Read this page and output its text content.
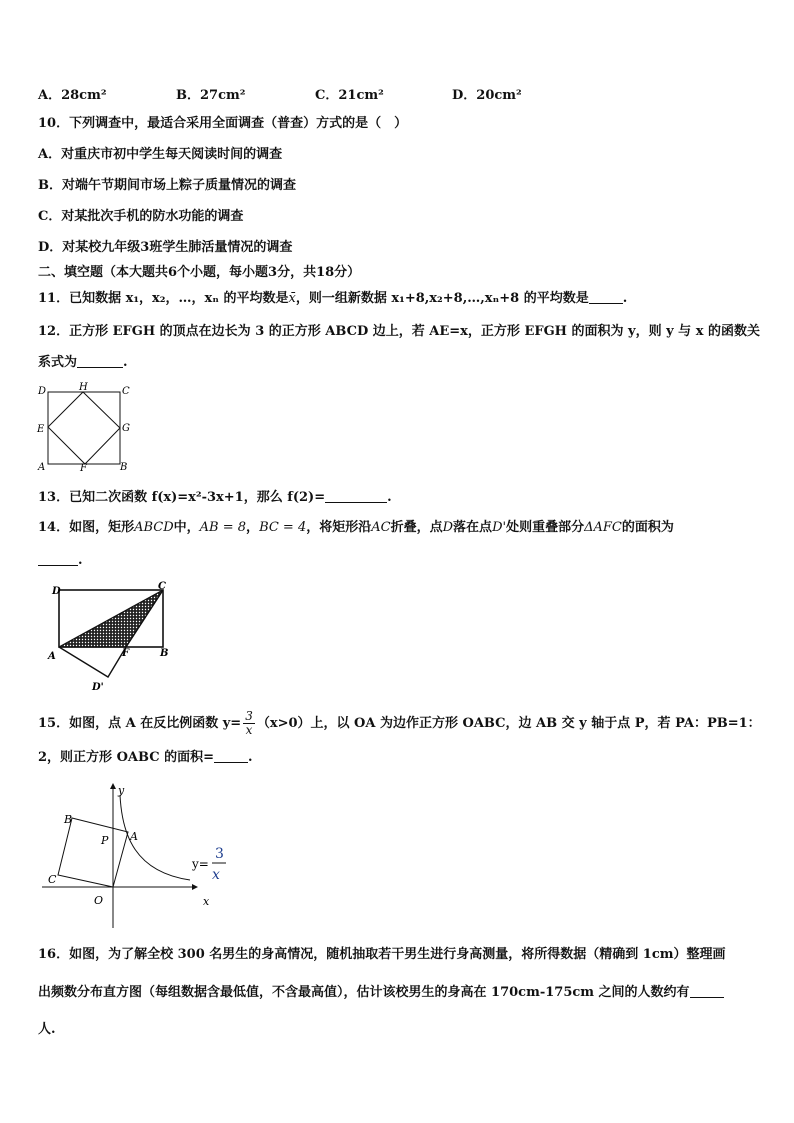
A．28cm²	B．27cm²	C．21cm²	D．20cm²
10．下列调查中，最适合采用全面调查（普查）方式的是（　）
A．对重庆市初中学生每天阅读时间的调查
B．对端午节期间市场上粽子质量情况的调查
C．对某批次手机的防水功能的调查
D．对某校九年级3班学生肺活量情况的调查
二、填空题（本大题共6个小题，每小题3分，共18分）
11．已知数据 x₁，x₂，…，xₙ 的平均数是x̄，则一组新数据 x₁+8,x₂+8,…,xₙ+8 的平均数是	.
12．正方形 EFGH 的顶点在边长为 3 的正方形 ABCD 边上，若 AE=x，正方形 EFGH 的面积为 y，则 y 与 x 的函数关
系式为	.
D	H	C
E	G
A	F	B
13．已知二次函数 f(x)=x²-3x+1，那么 f(2)=	.
14．如图，矩形ABCD中，AB = 8，BC = 4，将矩形沿AC折叠，点D落在点D'处则重叠部分ΔAFC的面积为
.
D	C
A	F	B
D'
15．如图，点 A 在反比例函数 $y= \frac{3}{x} (x>0)$上，以 OA 为边作正方形 OABC，边 AB 交 y 轴于点 P，若 PA：PB=1：
2，则正方形 OABC 的面积=	.
y
B
A
P
C
O	x
y=
3
x
16．如图，为了解全校 300 名男生的身高情况，随机抽取若干男生进行身高测量，将所得数据（精确到 1cm）整理画
出频数分布直方图（每组数据含最低值，不含最高值），估计该校男生的身高在 170cm-175cm 之间的人数约有
人.
